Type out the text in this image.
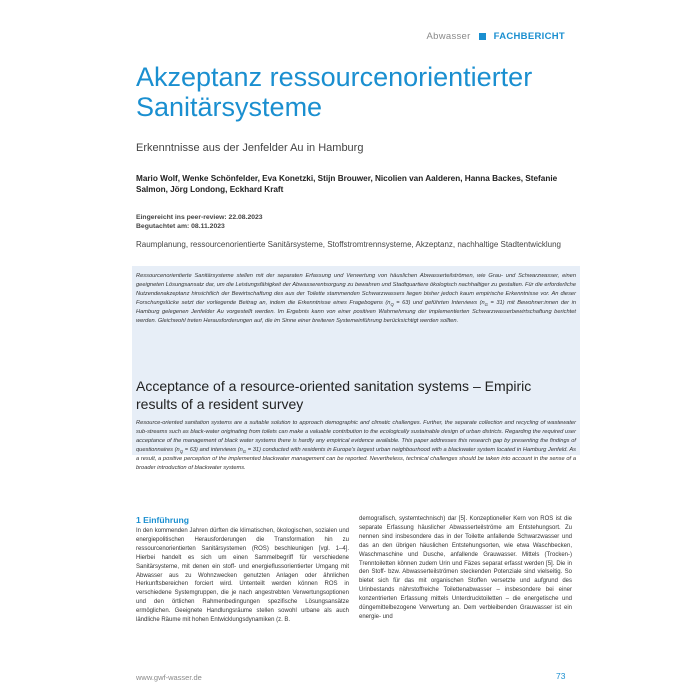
Abwasser FACHBERICHT
Akzeptanz ressourcenorientierter Sanitärsysteme
Erkenntnisse aus der Jenfelder Au in Hamburg
Mario Wolf, Wenke Schönfelder, Eva Konetzki, Stijn Brouwer, Nicolien van Aalderen, Hanna Backes, Stefanie Salmon, Jörg Londong, Eckhard Kraft
Eingereicht ins peer-review: 22.08.2023
Begutachtet am: 08.11.2023
Raumplanung, ressourcenorientierte Sanitärsysteme, Stoffstromtrennsysteme, Akzeptanz, nachhaltige Stadtentwicklung
Ressourcenorientierte Sanitärsysteme stellen mit der separaten Erfassung und Verwertung von häuslichen Abwasserteilströmen, wie Grau- und Schwarzwasser, einen geeigneten Lösungsansatz dar, um die Leistungsfähigkeit der Abwasserentsorgung zu bewahren und Stadtquartiere ökologisch nachhaltiger zu gestalten. Für die erforderliche Nutzendenakzeptanz hinsichtlich der Bewirtschaftung des aus der Toilette stammenden Schwarzwassers liegen bisher jedoch kaum empirische Erkenntnisse vor. An dieser Forschungslücke setzt der vorliegende Beitrag an, indem die Erkenntnisse eines Fragebogens $(n_Q = 63)$ und geführten Interviews $(n_G = 31)$ mit Bewohner:innen der in Hamburg gelegenen Jenfelder Au vorgestellt werden. Im Ergebnis kann von einer positiven Wahrnehmung der implementierten Schwarzwasserbewirtschaftung berichtet werden. Gleichwohl treten Herausforderungen auf, die im Sinne einer breiteren Systemeinführung berücksichtigt werden sollten.
Acceptance of a resource-oriented sanitation systems – Empiric results of a resident survey
Resource-oriented sanitation systems are a suitable solution to approach demographic and climatic challenges. Further, the separate collection and recycling of wastewater sub-streams such as black-water originating from toilets can make a valuable contribution to the ecologically sustainable design of urban districts. Regarding the required user acceptance of the management of black water systems there is hardly any empirical evidence available. This paper addresses this research gap by presenting the findings of questionnaires $(n_Q = 63)$ and interviews $(n_G = 31)$ conducted with residents in Europe's largest urban neighbourhood with a blackwater system located in Hamburg Jenfeld. As a result, a positive perception of the implemented blackwater management can be reported. Nevertheless, technical challenges should be taken into account in the sense of a broader introduction of blackwater systems.
1 Einführung
In den kommenden Jahren dürften die klimatischen, ökologischen, sozialen und energiepolitischen Herausforderungen die Transformation hin zu ressourcenorientierten Sanitärsystemen (ROS) beschleunigen [vgl. 1–4]. Hierbei handelt es sich um einen Sammelbegriff für verschiedene Sanitärsysteme, mit denen ein stoff- und energieflussorientierter Umgang mit Abwasser aus zu Wohnzwecken genutzten Anlagen oder ähnlichen Herkunftsbereichen forciert wird. Untenteilt werden können ROS in verschiedene Systemgruppen, die je nach angestrebten Verwertungsoptionen und den örtlichen Rahmenbedingungen spezifische Lösungsansätze ermöglichen. Geeignete Handlungsräume stellen sowohl urbane als auch ländliche Räume mit hohen Entwicklungsdynamiken (z. B.
demografisch, systemtechnisch) dar [5]. Konzeptioneller Kern von ROS ist die separate Erfassung häuslicher Abwasserteilströme am Entstehungsort. Zu nennen sind insbesondere das in der Toilette anfallende Schwarzwasser und das an den übrigen häuslichen Entstehungsorten, wie etwa Waschbecken, Waschmaschine und Dusche, anfallende Grauwasser. Mittels (Trocken-) Trenntoiletten können zudem Urin und Fäzes separat erfasst werden [5]. Die in den Stoff- bzw. Abwasserteilströmen steckenden Potenziale sind vielseitig. So bietet sich für das mit organischen Stoffen versetzte und aufgrund des Urinbestands nährstoffreiche Toilettenabwasser – insbesondere bei einer konzentrierten Erfassung mittels Unterdrucktoiletten – die energetische und düngemittelbezogene Verwertung an. Dem verbleibenden Grauwasser ist ein energie- und
www.gwf-wasser.de	73
